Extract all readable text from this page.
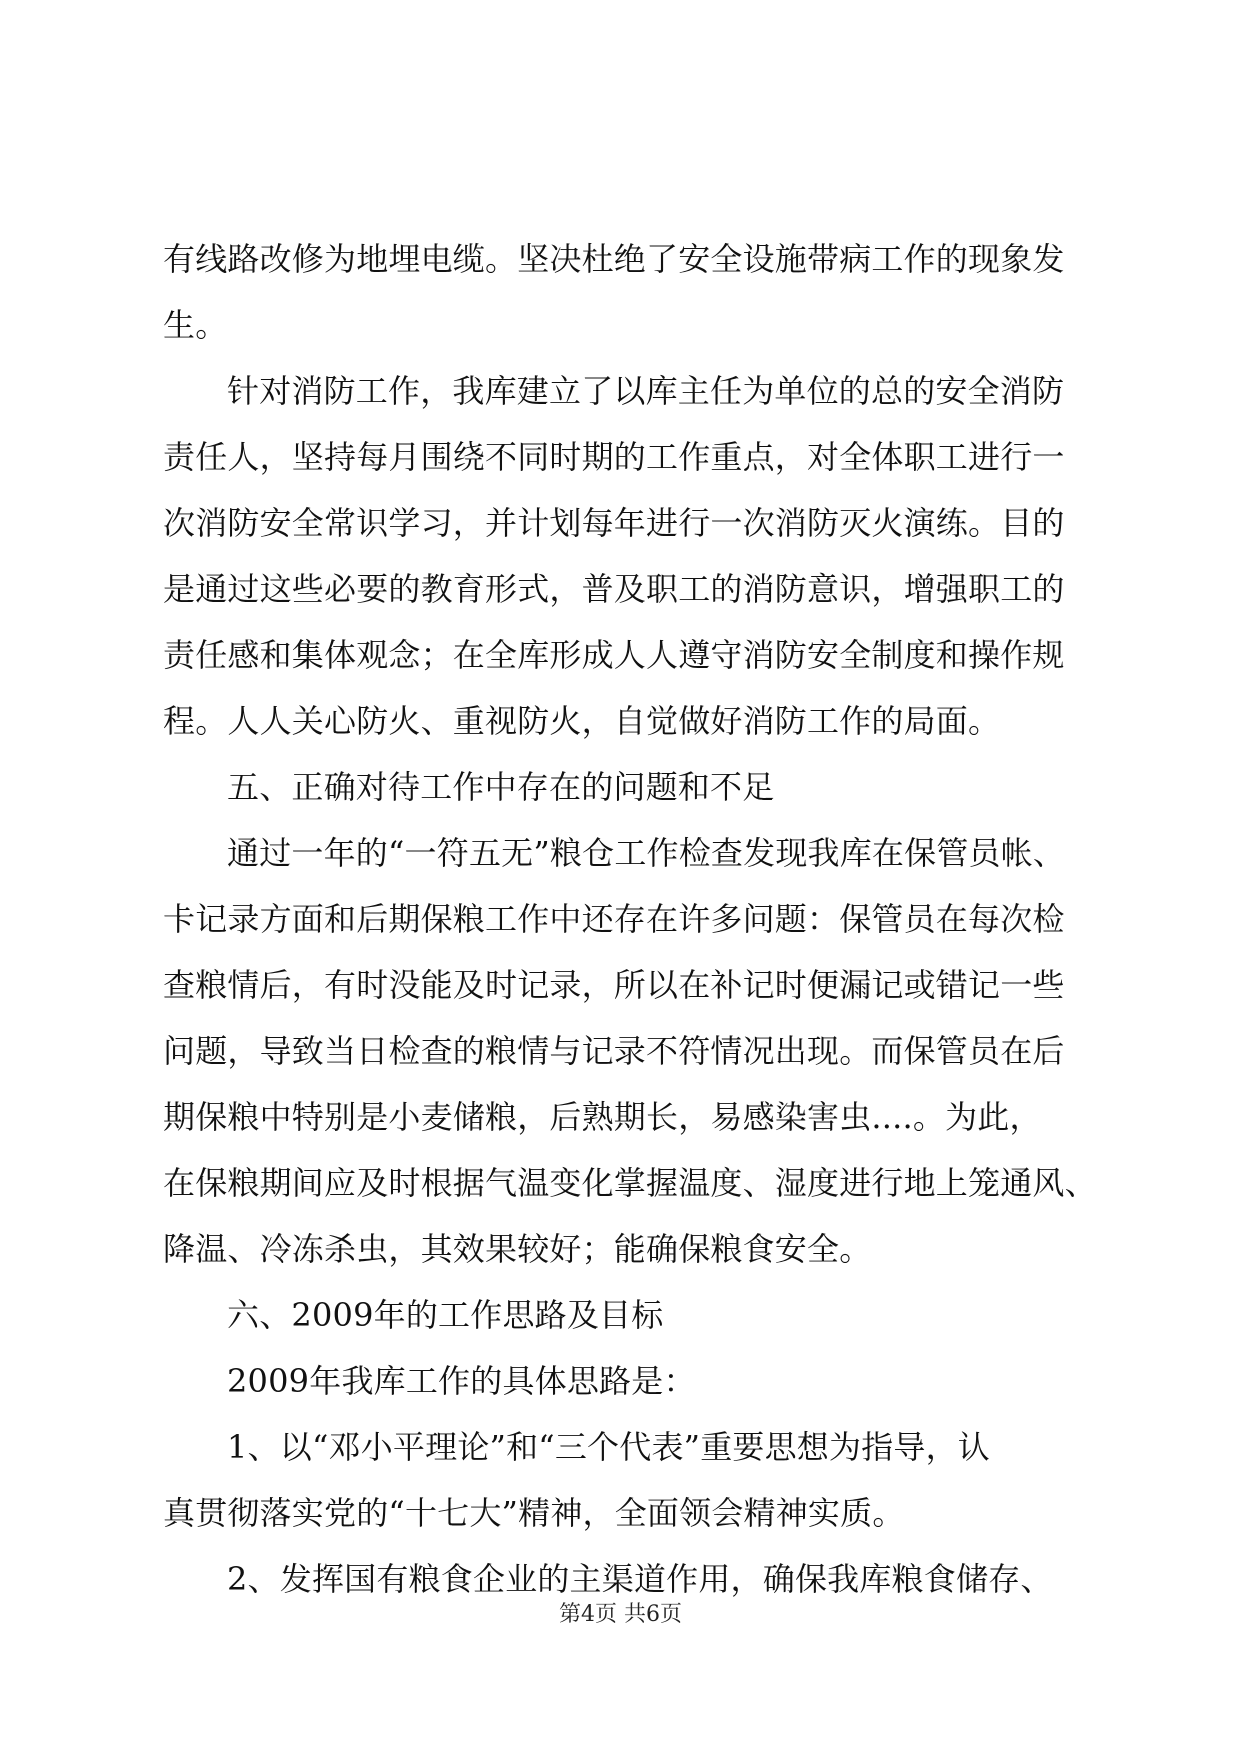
有线路改修为地埋电缆。坚决杜绝了安全设施带病工作的现象发
生。
针对消防工作，我库建立了以库主任为单位的总的安全消防
责任人，坚持每月围绕不同时期的工作重点，对全体职工进行一
次消防安全常识学习，并计划每年进行一次消防灭火演练。目的
是通过这些必要的教育形式，普及职工的消防意识，增强职工的
责任感和集体观念；在全库形成人人遵守消防安全制度和操作规
程。人人关心防火、重视防火，自觉做好消防工作的局面。
五、正确对待工作中存在的问题和不足
通过一年的“一符五无”粮仓工作检查发现我库在保管员帐、
卡记录方面和后期保粮工作中还存在许多问题：保管员在每次检
查粮情后，有时没能及时记录，所以在补记时便漏记或错记一些
问题，导致当日检查的粮情与记录不符情况出现。而保管员在后
期保粮中特别是小麦储粮，后熟期长，易感染害虫....。为此，
在保粮期间应及时根据气温变化掌握温度、湿度进行地上笼通风、
降温、冷冻杀虫，其效果较好；能确保粮食安全。
六、2009年的工作思路及目标
2009年我库工作的具体思路是：
1、以“邓小平理论”和“三个代表”重要思想为指导，认
真贯彻落实党的“十七大”精神，全面领会精神实质。
2、发挥国有粮食企业的主渠道作用，确保我库粮食储存、
第4页 共6页
